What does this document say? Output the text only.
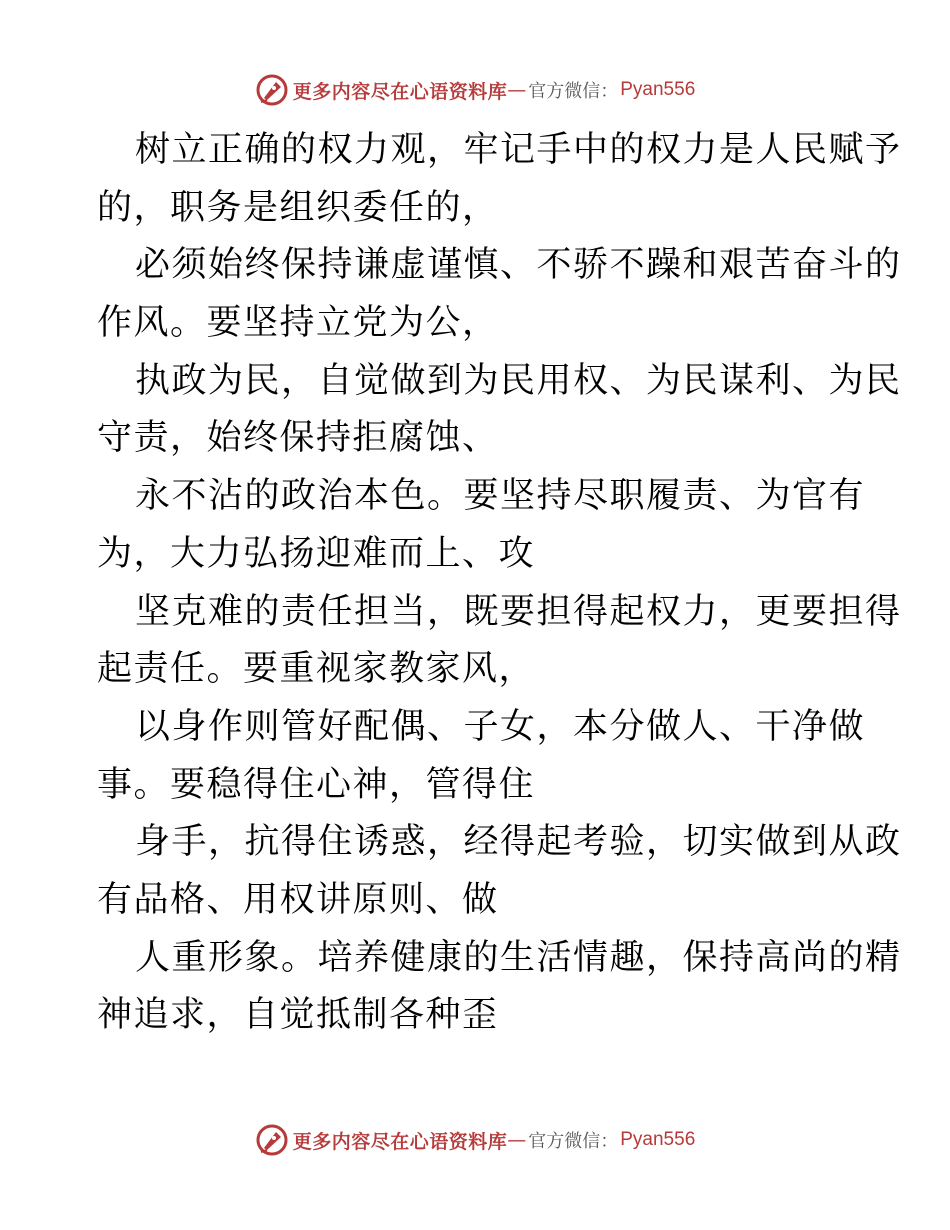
更多内容尽在心语资料库 — 官方微信： Pyan556
树立正确的权力观，牢记手中的权力是人民赋予
的，职务是组织委任的，
必须始终保持谦虚谨慎、不骄不躁和艰苦奋斗的
作风。要坚持立党为公，
执政为民，自觉做到为民用权、为民谋利、为民
守责，始终保持拒腐蚀、
永不沾的政治本色。要坚持尽职履责、为官有
为，大力弘扬迎难而上、攻
坚克难的责任担当，既要担得起权力，更要担得
起责任。要重视家教家风，
以身作则管好配偶、子女，本分做人、干净做
事。要稳得住心神，管得住
身手，抗得住诱惑，经得起考验，切实做到从政
有品格、用权讲原则、做
人重形象。培养健康的生活情趣，保持高尚的精
神追求，自觉抵制各种歪
更多内容尽在心语资料库 — 官方微信： Pyan556
